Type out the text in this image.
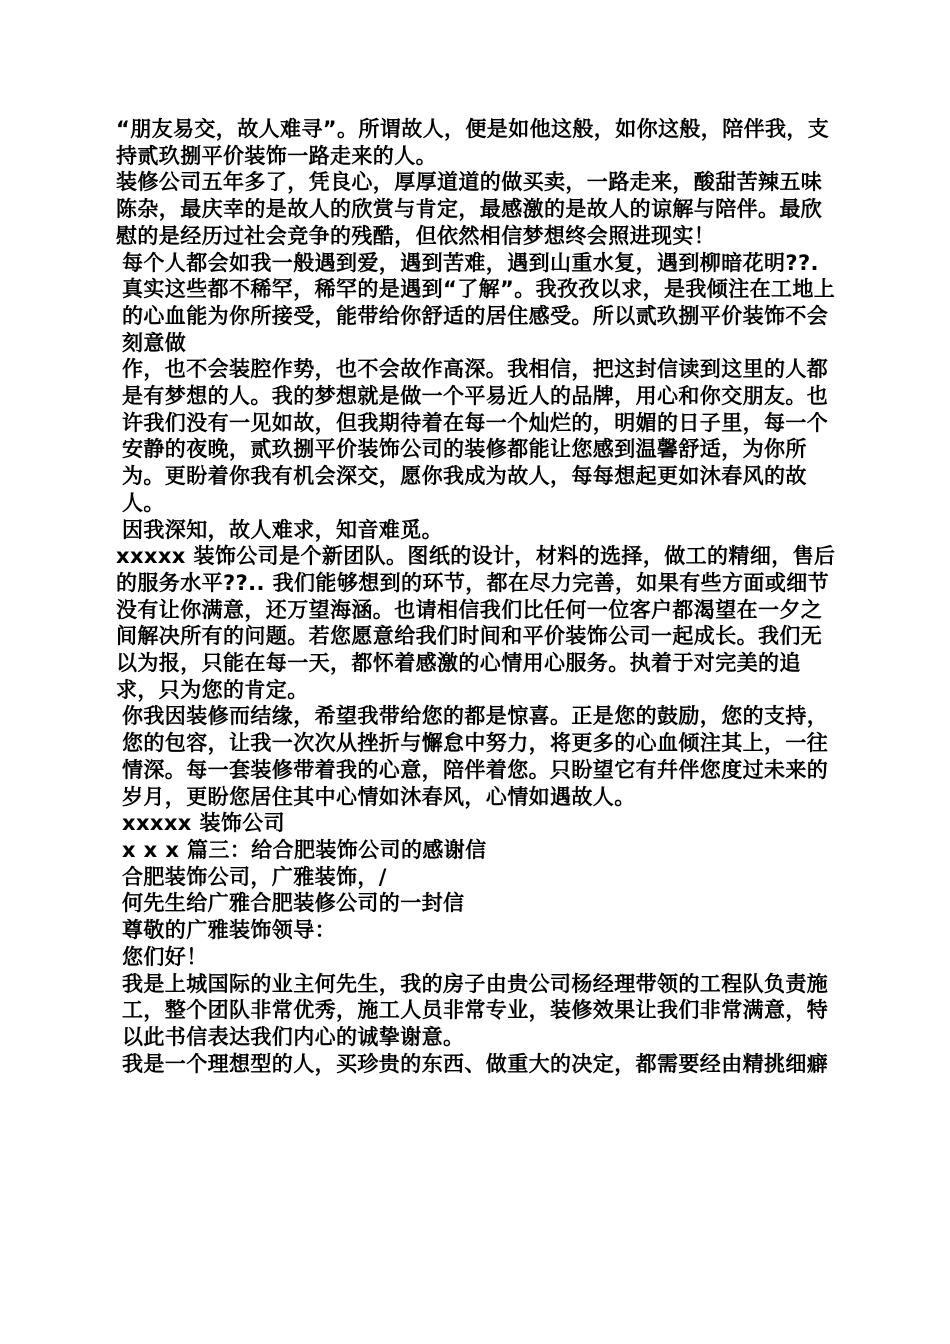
“朋友易交，故人难寻”。所谓故人，便是如他这般，如你这般，陪伴我，支持贰玖捌平价装饰一路走来的人。

装修公司五年多了，凭良心，厚厚道道的做买卖，一路走来，酸甜苦辣五味陈杂，最庆幸的是故人的欣赏与肯定，最感激的是故人的谅解与陪伴。最欣慰的是经历过社会竞争的残酷，但依然相信梦想终会照进现实！

每个人都会如我一般遇到爱，遇到苦难，遇到山重水复，遇到柳暗花明??.真实这些都不稀罕，稀罕的是遇到“了解”。我孜孜以求，是我倾注在工地上的心血能为你所接受，能带给你舒适的居住感受。所以贰玖捌平价装饰不会刻意做

作，也不会装腔作势，也不会故作高深。我相信，把这封信读到这里的人都是有梦想的人。我的梦想就是做一个平易近人的品牌，用心和你交朋友。也许我们没有一见如故，但我期待着在每一个灿烂的，明媚的日子里，每一个安静的夜晚，贰玖捌平价装饰公司的装修都能让您感到温馨舒适，为你所为。更盼着你我有机会深交，愿你我成为故人，每每想起更如沐春风的故人。

因我深知，故人难求，知音难觅。

xxxxx 装饰公司是个新团队。图纸的设计，材料的选择，做工的精细，售后的服务水平??.. 我们能够想到的环节，都在尽力完善，如果有些方面或细节没有让你满意，还万望海涵。也请相信我们比任何一位客户都渴望在一夕之间解决所有的问题。若您愿意给我们时间和平价装饰公司一起成长。我们无以为报，只能在每一天，都怀着感激的心情用心服务。执着于对完美的追求，只为您的肯定。

你我因装修而结缘，希望我带给您的都是惊喜。正是您的鼓励，您的支持，您的包容，让我一次次从挫折与懈怠中努力，将更多的心血倾注其上，一往情深。每一套装修带着我的心意，陪伴着您。只盼望它有幷伴您度过未来的岁月，更盼您居住其中心情如沐春风，心情如遇故人。

xxxxx 装饰公司

x x x 篇三：给合肥装饰公司的感谢信

合肥装饰公司，广雅装饰，/

何先生给广雅合肥装修公司的一封信

尊敬的广雅装饰领导：

您们好！

我是上城国际的业主何先生，我的房子由贵公司杨经理带领的工程队负责施

工，整个团队非常优秀，施工人员非常专业，装修效果让我们非常满意，特以此书信表达我们内心的诚挚谢意。

我是一个理想型的人，买珍贵的东西、做重大的决定，都需要经由精挑细癖
